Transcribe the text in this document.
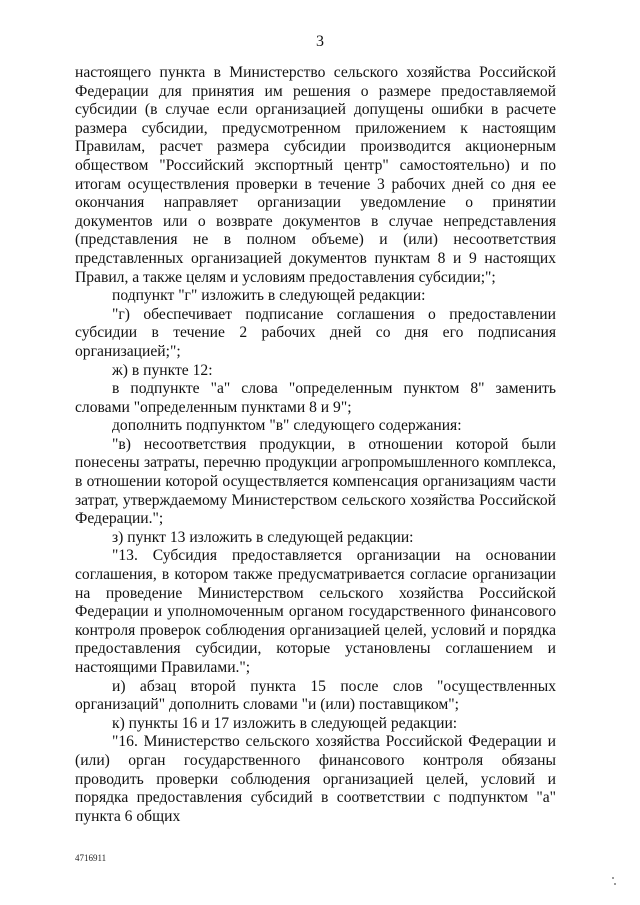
3

настоящего пункта в Министерство сельского хозяйства Российской Федерации для принятия им решения о размере предоставляемой субсидии (в случае если организацией допущены ошибки в расчете размера субсидии, предусмотренном приложением к настоящим Правилам, расчет размера субсидии производится акционерным обществом "Российский экспортный центр" самостоятельно) и по итогам осуществления проверки в течение 3 рабочих дней со дня ее окончания направляет организации уведомление о принятии документов или о возврате документов в случае непредставления (представления не в полном объеме) и (или) несоответствия представленных организацией документов пунктам 8 и 9 настоящих Правил, а также целям и условиям предоставления субсидии;";

подпункт "г" изложить в следующей редакции:

"г) обеспечивает подписание соглашения о предоставлении субсидии в течение 2 рабочих дней со дня его подписания организацией;";

ж) в пункте 12:

в подпункте "а" слова "определенным пунктом 8" заменить словами "определенным пунктами 8 и 9";

дополнить подпунктом "в" следующего содержания:

"в) несоответствия продукции, в отношении которой были понесены затраты, перечню продукции агропромышленного комплекса, в отношении которой осуществляется компенсация организациям части затрат, утверждаемому Министерством сельского хозяйства Российской Федерации.";

з) пункт 13 изложить в следующей редакции:

"13. Субсидия предоставляется организации на основании соглашения, в котором также предусматривается согласие организации на проведение Министерством сельского хозяйства Российской Федерации и уполномоченным органом государственного финансового контроля проверок соблюдения организацией целей, условий и порядка предоставления субсидии, которые установлены соглашением и настоящими Правилами.";

и) абзац второй пункта 15 после слов "осуществленных организаций" дополнить словами "и (или) поставщиком";

к) пункты 16 и 17 изложить в следующей редакции:

"16. Министерство сельского хозяйства Российской Федерации и (или) орган государственного финансового контроля обязаны проводить проверки соблюдения организацией целей, условий и порядка предоставления субсидий в соответствии с подпунктом "а" пункта 6 общих

4716911
